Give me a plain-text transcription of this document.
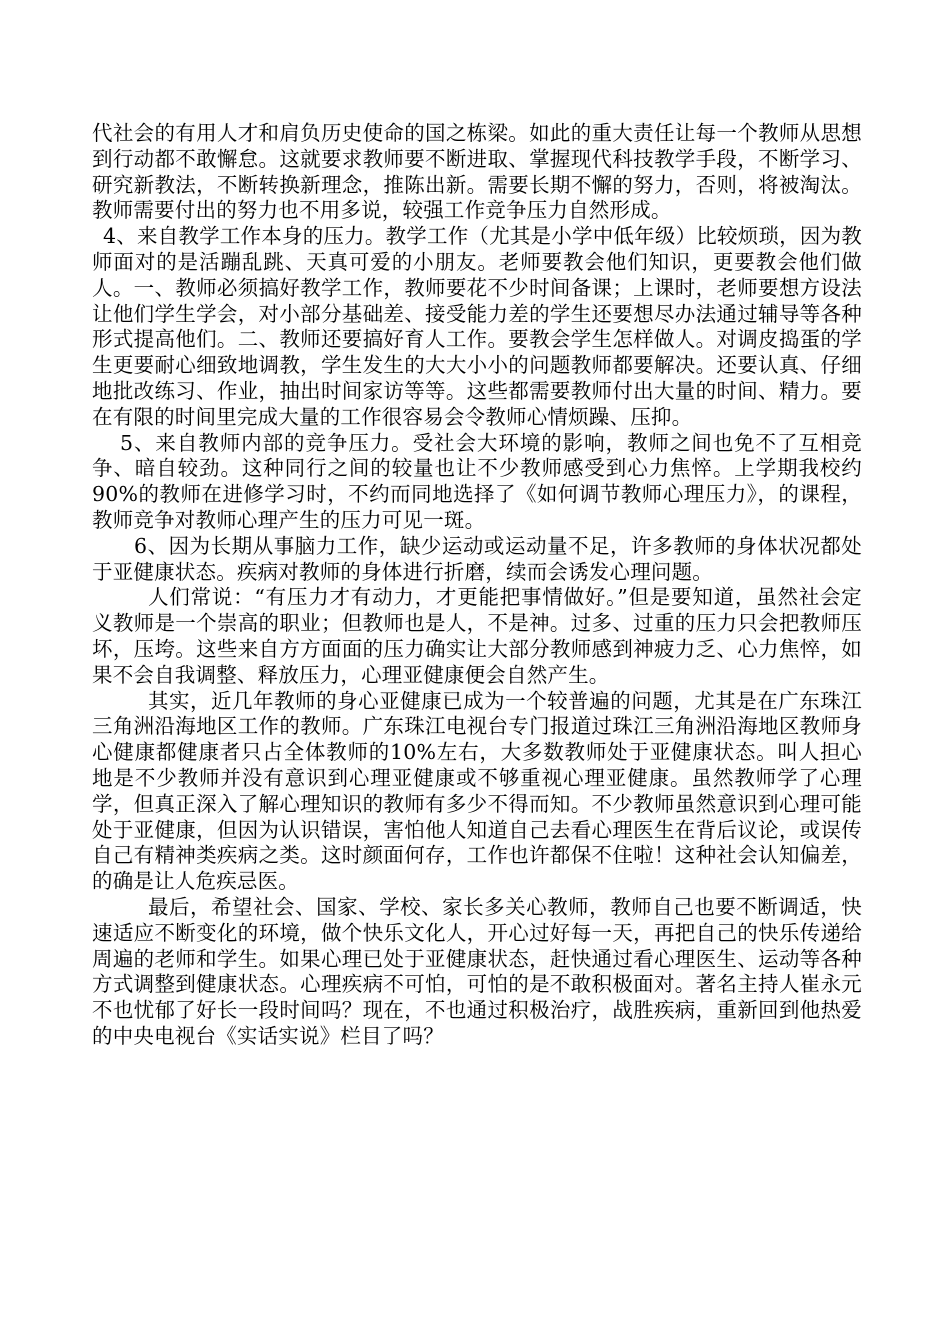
代社会的有用人才和肩负历史使命的国之栋梁。如此的重大责任让每一个教师从思想到行动都不敢懈怠。这就要求教师要不断进取、掌握现代科技教学手段，不断学习、研究新教法，不断转换新理念，推陈出新。需要长期不懈的努力，否则，将被淘汰。教师需要付出的努力也不用多说，较强工作竞争压力自然形成。

4、来自教学工作本身的压力。教学工作（尤其是小学中低年级）比较烦琐，因为教师面对的是活蹦乱跳、天真可爱的小朋友。老师要教会他们知识，更要教会他们做人。一、教师必须搞好教学工作，教师要花不少时间备课；上课时，老师要想方设法让他们学生学会，对小部分基础差、接受能力差的学生还要想尽办法通过辅导等各种形式提高他们。二、教师还要搞好育人工作。要教会学生怎样做人。对调皮捣蛋的学生更要耐心细致地调教，学生发生的大大小小的问题教师都要解决。还要认真、仔细地批改练习、作业，抽出时间家访等等。这些都需要教师付出大量的时间、精力。要在有限的时间里完成大量的工作很容易会令教师心情烦躁、压抑。

5、来自教师内部的竞争压力。受社会大环境的影响，教师之间也免不了互相竞争、暗自较劲。这种同行之间的较量也让不少教师感受到心力焦悴。上学期我校约90%的教师在进修学习时，不约而同地选择了《如何调节教师心理压力》，的课程，教师竞争对教师心理产生的压力可见一斑。

6、因为长期从事脑力工作，缺少运动或运动量不足，许多教师的身体状况都处于亚健康状态。疾病对教师的身体进行折磨，续而会诱发心理问题。

人们常说：“有压力才有动力，才更能把事情做好。”但是要知道，虽然社会定义教师是一个崇高的职业；但教师也是人，不是神。过多、过重的压力只会把教师压坏，压垮。这些来自方方面面的压力确实让大部分教师感到神疲力乏、心力焦悴，如果不会自我调整、释放压力，心理亚健康便会自然产生。

其实，近几年教师的身心亚健康已成为一个较普遍的问题，尤其是在广东珠江三角洲沿海地区工作的教师。广东珠江电视台专门报道过珠江三角洲沿海地区教师身心健康都健康者只占全体教师的10%左右，大多数教师处于亚健康状态。叫人担心地是不少教师并没有意识到心理亚健康或不够重视心理亚健康。虽然教师学了心理学，但真正深入了解心理知识的教师有多少不得而知。不少教师虽然意识到心理可能处于亚健康，但因为认识错误，害怕他人知道自己去看心理医生在背后议论，或误传自己有精神类疾病之类。这时颜面何存，工作也许都保不住啦！这种社会认知偏差，的确是让人危疾忌医。

最后，希望社会、国家、学校、家长多关心教师，教师自己也要不断调适，快速适应不断变化的环境，做个快乐文化人，开心过好每一天，再把自己的快乐传递给周遍的老师和学生。如果心理已处于亚健康状态，赶快通过看心理医生、运动等各种方式调整到健康状态。心理疾病不可怕，可怕的是不敢积极面对。著名主持人崔永元不也忧郁了好长一段时间吗？现在，不也通过积极治疗，战胜疾病，重新回到他热爱的中央电视台《实话实说》栏目了吗？
